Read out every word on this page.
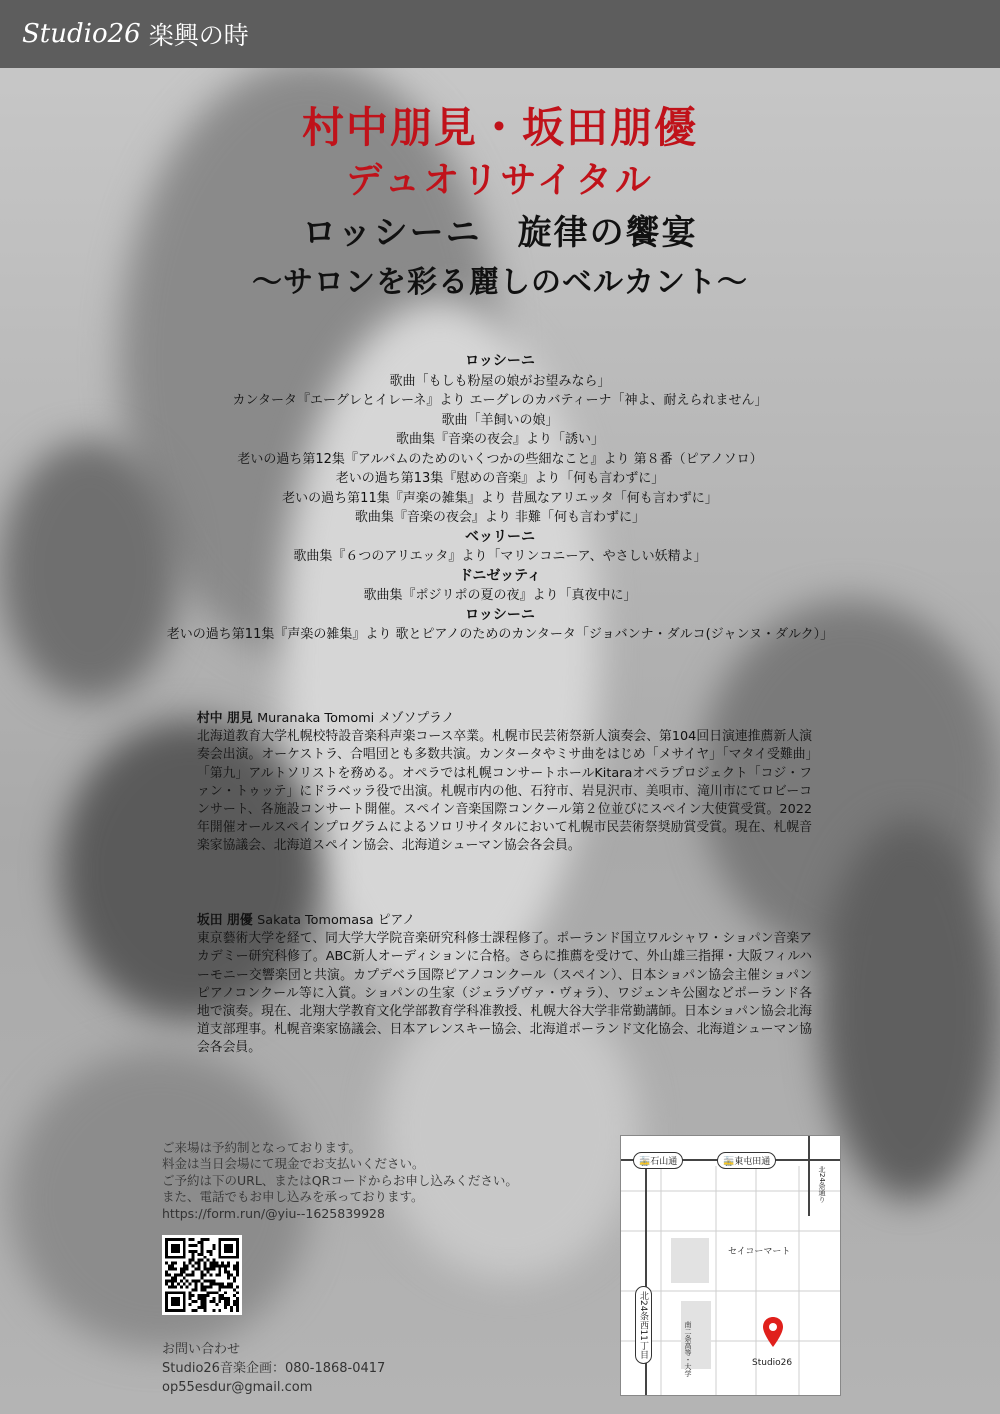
Studio26 楽興の時
村中朋見・坂田朋優
デュオリサイタル
ロッシーニ　旋律の饗宴
〜サロンを彩る麗しのベルカント〜
ロッシーニ
歌曲「もしも粉屋の娘がお望みなら」
カンタータ『エーグレとイレーネ』より エーグレのカバティーナ「神よ、耐えられません」
歌曲「羊飼いの娘」
歌曲集『音楽の夜会』より「誘い」
老いの過ち第12集『アルバムのためのいくつかの些細なこと』より 第８番（ピアノソロ）
老いの過ち第13集『慰めの音楽』より「何も言わずに」
老いの過ち第11集『声楽の雑集』より 昔風なアリエッタ「何も言わずに」
歌曲集『音楽の夜会』より 非難「何も言わずに」
ベッリーニ
歌曲集『６つのアリエッタ』より「マリンコニーア、やさしい妖精よ」
ドニゼッティ
歌曲集『ポジリポの夏の夜』より「真夜中に」
ロッシーニ
老いの過ち第11集『声楽の雑集』より 歌とピアノのためのカンタータ「ジョバンナ・ダルコ(ジャンヌ・ダルク）」
村中 朋見 Muranaka Tomomi メゾソプラノ
北海道教育大学札幌校特設音楽科声楽コース卒業。札幌市民芸術祭新人演奏会、第104回日演連推薦新人演奏会出演。オーケストラ、合唱団とも多数共演。カンタータやミサ曲をはじめ「メサイヤ」「マタイ受難曲」「第九」アルトソリストを務める。オペラでは札幌コンサートホールKitaraオペラプロジェクト「コジ・ファン・トゥッテ」にドラベッラ役で出演。札幌市内の他、石狩市、岩見沢市、美唄市、滝川市にてロビーコンサート、各施設コンサート開催。スペイン音楽国際コンクール第２位並びにスペイン大使賞受賞。2022年開催オールスペインプログラムによるソロリサイタルにおいて札幌市民芸術祭奨励賞受賞。現在、札幌音楽家協議会、北海道スペイン協会、北海道シューマン協会各会員。
坂田 朋優 Sakata Tomomasa ピアノ
東京藝術大学を経て、同大学大学院音楽研究科修士課程修了。ポーランド国立ワルシャワ・ショパン音楽アカデミー研究科修了。ABC新人オーディションに合格。さらに推薦を受けて、外山雄三指揮・大阪フィルハーモニー交響楽団と共演。カプデベラ国際ピアノコンクール（スペイン）、日本ショパン協会主催ショパンピアノコンクール等に入賞。ショパンの生家（ジェラゾヴァ・ヴォラ）、ワジェンキ公園などポーランド各地で演奏。現在、北翔大学教育文化学部教育学科准教授、札幌大谷大学非常勤講師。日本ショパン協会北海道支部理事。札幌音楽家協議会、日本アレンスキー協会、北海道ポーランド文化協会、北海道シューマン協会各会員。
ご来場は予約制となっております。
料金は当日会場にて現金でお支払いください。
ご予約は下のURL、またはQRコードからお申し込みください。
また、電話でもお申し込みを承っております。
https://form.run/@yiu--1625839928
お問い合わせ
Studio26音楽企画：080-1868-0417
op55esdur@gmail.com
🚋石山通	🚋東屯田通
セイコーマート
南二条高等・大学
北24条西11丁目
北24条通り
Studio26
